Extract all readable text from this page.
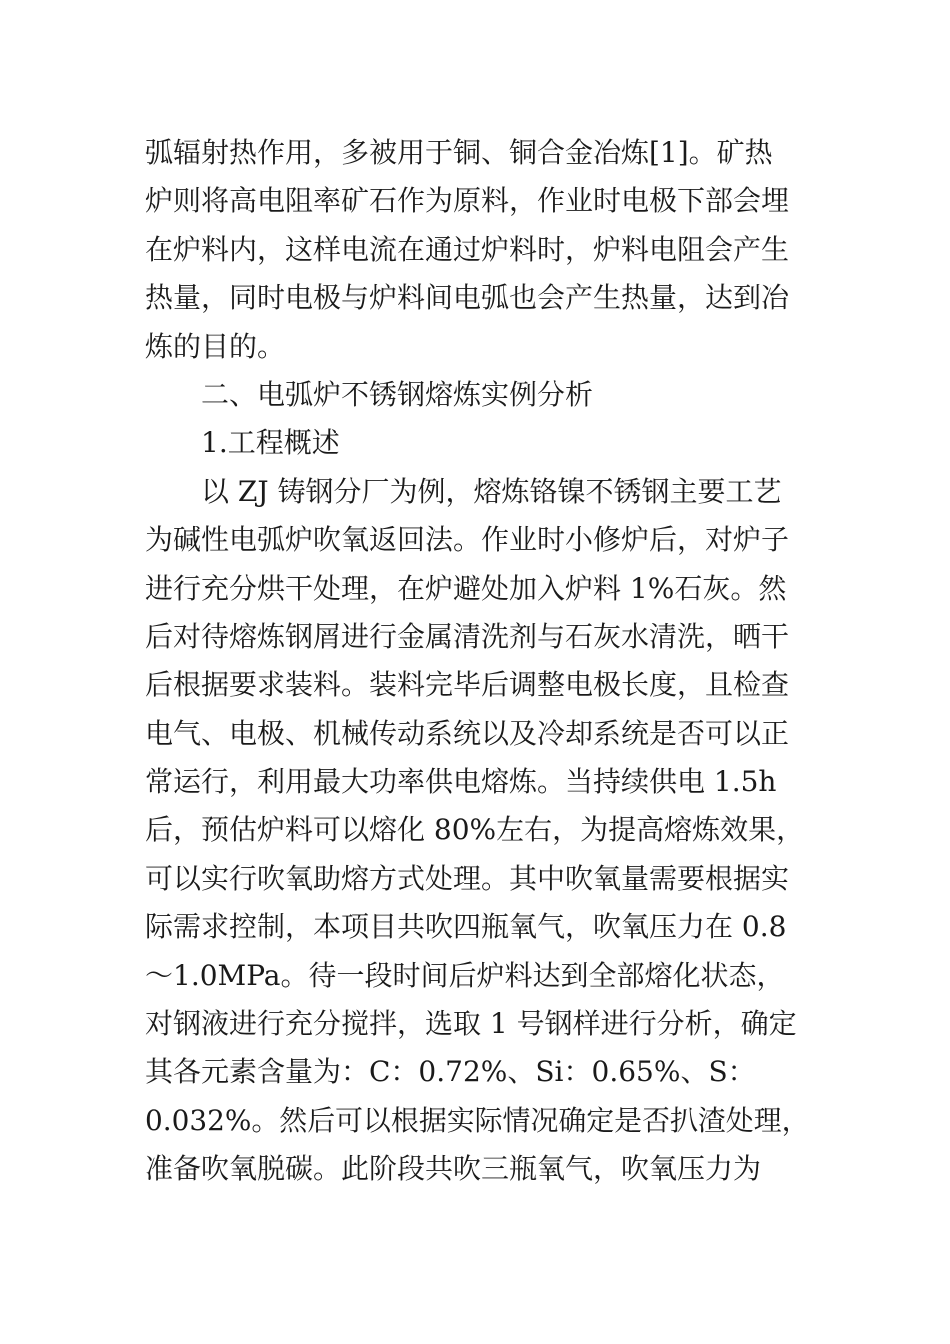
弧辐射热作用，多被用于铜、铜合金冶炼[1]。矿热
炉则将高电阻率矿石作为原料，作业时电极下部会埋
在炉料内，这样电流在通过炉料时，炉料电阻会产生
热量，同时电极与炉料间电弧也会产生热量，达到冶
炼的目的。
二、电弧炉不锈钢熔炼实例分析
1.工程概述
以 ZJ 铸钢分厂为例，熔炼铬镍不锈钢主要工艺
为碱性电弧炉吹氧返回法。作业时小修炉后，对炉子
进行充分烘干处理，在炉避处加入炉料 1%石灰。然
后对待熔炼钢屑进行金属清洗剂与石灰水清洗，晒干
后根据要求装料。装料完毕后调整电极长度，且检查
电气、电极、机械传动系统以及冷却系统是否可以正
常运行，利用最大功率供电熔炼。当持续供电 1.5h
后，预估炉料可以熔化 80%左右，为提高熔炼效果，
可以实行吹氧助熔方式处理。其中吹氧量需要根据实
际需求控制，本项目共吹四瓶氧气，吹氧压力在 0.8
～1.0MPa。待一段时间后炉料达到全部熔化状态，
对钢液进行充分搅拌，选取 1 号钢样进行分析，确定
其各元素含量为：C：0.72%、Si：0.65%、S：
0.032%。然后可以根据实际情况确定是否扒渣处理，
准备吹氧脱碳。此阶段共吹三瓶氧气，吹氧压力为
